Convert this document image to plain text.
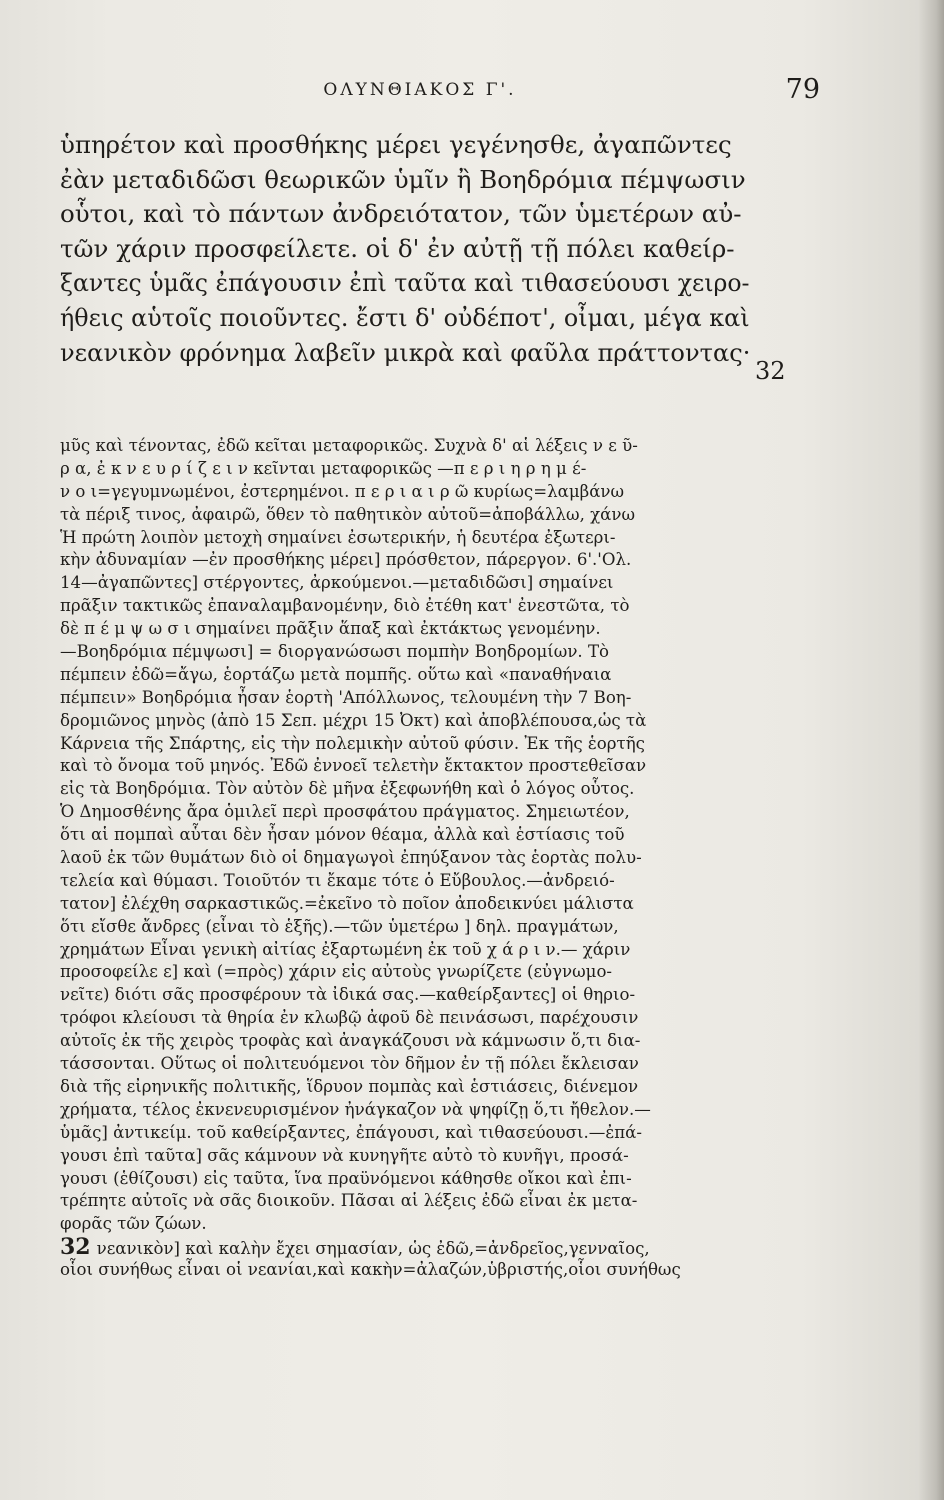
ΟΛΥΝΘΙΑΚΟΣ Γ'.	79
ὑπηρέτον καὶ προσθήκης μέρει γεγένησθε, ἀγαπῶντες
ἐὰν μεταδιδῶσι θεωρικῶν ὑμῖν ἢ Βοηδρόμια πέμψωσιν
οὗτοι, καὶ τὸ πάντων ἀνδρειότατον, τῶν ὑμετέρων αὐ-
τῶν χάριν προσφείλετε. οἱ δ' ἐν αὐτῇ τῇ πόλει καθείρ-
ξαντες ὑμᾶς ἐπάγουσιν ἐπὶ ταῦτα καὶ τιθασεύουσι χειρο-
ήθεις αὑτοῖς ποιοῦντες. ἔστι δ' οὐδέποτ', οἶμαι, μέγα καὶ
νεανικὸν φρόνημα λαβεῖν μικρὰ καὶ φαῦλα πράττοντας·
32
μῦς καὶ τένοντας, ἐδῶ κεῖται μεταφορικῶς. Συχνὰ δ' αἱ λέξεις ν ε ῦ-
ρ α, ἐ κ ν ε υ ρ ί ζ ε ι ν κεῖνται μεταφορικῶς —π ε ρ ι η ρ η μ έ-
ν ο ι=γεγυμνωμένοι, ἐστερημένοι. π ε ρ ι α ι ρ ῶ κυρίως=λαμβάνω
τὰ πέριξ τινος, ἀφαιρῶ, ὅθεν τὸ παθητικὸν αὐτοῦ=ἀποβάλλω, χάνω
Ἡ πρώτη λοιπὸν μετοχὴ σημαίνει ἐσωτερικήν, ἡ δευτέρα ἐξωτερι-
κὴν ἀδυναμίαν —ἐν προσθήκης μέρει] πρόσθετον, πάρεργον. 6'.'Ολ.
14—ἀγαπῶντες] στέργοντες, ἀρκούμενοι.—μεταδιδῶσι] σημαίνει
πρᾶξιν τακτικῶς ἐπαναλαμβανομένην, διὸ ἐτέθη κατ' ἐνεστῶτα, τὸ
δὲ π έ μ ψ ω σ ι σημαίνει πρᾶξιν ἅπαξ καὶ ἐκτάκτως γενομένην.
—Βοηδρόμια πέμψωσι] = διοργανώσωσι πομπὴν Βοηδρομίων. Τὸ
πέμπειν ἐδῶ=ἄγω, ἑορτάζω μετὰ πομπῆς. οὕτω καὶ «παναθήναια
πέμπειν» Βοηδρόμια ἦσαν ἑορτὴ 'Απόλλωνος, τελουμένη τὴν 7 Βοη-
δρομιῶνος μηνὸς (ἀπὸ 15 Σεπ. μέχρι 15 Ὀκτ) καὶ ἀποβλέπουσα,ὡς τὰ
Κάρνεια τῆς Σπάρτης, εἰς τὴν πολεμικὴν αὐτοῦ φύσιν. Ἐκ τῆς ἑορτῆς
καὶ τὸ ὄνομα τοῦ μηνός. Ἐδῶ ἐννοεῖ τελετὴν ἔκτακτον προστεθεῖσαν
εἰς τὰ Βοηδρόμια. Τὸν αὐτὸν δὲ μῆνα ἐξεφωνήθη καὶ ὁ λόγος οὗτος.
Ὁ Δημοσθένης ἄρα ὁμιλεῖ περὶ προσφάτου πράγματος. Σημειωτέον,
ὅτι αἱ πομπαὶ αὗται δὲν ἦσαν μόνον θέαμα, ἀλλὰ καὶ ἑστίασις τοῦ
λαοῦ ἐκ τῶν θυμάτων διὸ οἱ δημαγωγοὶ ἐπηύξανον τὰς ἑορτὰς πολυ-
τελεία καὶ θύμασι. Τοιοῦτόν τι ἔκαμε τότε ὁ Εὔβουλος.—ἀνδρειό-
τατον] ἐλέχθη σαρκαστικῶς.=ἐκεῖνο τὸ ποῖον ἀποδεικνύει μάλιστα
ὅτι εἴσθε ἄνδρες (εἶναι τὸ ἑξῆς).—τῶν ὑμετέρω ] δηλ. πραγμάτων,
χρημάτων Εἶναι γενικὴ αἰτίας ἐξαρτωμένη ἐκ τοῦ χ ά ρ ι ν.— χάριν
προσοφείλε ε] καὶ (=πρὸς) χάριν εἰς αὐτοὺς γνωρίζετε (εὐγνωμο-
νεῖτε) διότι σᾶς προσφέρουν τὰ ἰδικά σας.—καθείρξαντες] οἱ θηριο-
τρόφοι κλείουσι τὰ θηρία ἐν κλωβῷ ἀφοῦ δὲ πεινάσωσι, παρέχουσιν
αὐτοῖς ἐκ τῆς χειρὸς τροφὰς καὶ ἀναγκάζουσι νὰ κάμνωσιν ὅ,τι δια-
τάσσονται. Οὕτως οἱ πολιτευόμενοι τὸν δῆμον ἐν τῇ πόλει ἔκλεισαν
διὰ τῆς εἰρηνικῆς πολιτικῆς, ἵδρυον πομπὰς καὶ ἑστιάσεις, διένεμον
χρήματα, τέλος ἐκνενευρισμένον ἠνάγκαζον νὰ ψηφίζῃ ὅ,τι ἤθελον.—
ὑμᾶς] ἀντικείμ. τοῦ καθείρξαντες, ἐπάγουσι, καὶ τιθασεύουσι.—ἐπά-
γουσι ἐπὶ ταῦτα] σᾶς κάμνουν νὰ κυνηγῆτε αὐτὸ τὸ κυνῆγι, προσά-
γουσι (ἑθίζουσι) εἰς ταῦτα, ἵνα πραϋνόμενοι κάθησθε οἴκοι καὶ ἐπι-
τρέπητε αὐτοῖς νὰ σᾶς διοικοῦν. Πᾶσαι αἱ λέξεις ἐδῶ εἶναι ἐκ μετα-
φορᾶς τῶν ζώων.
32 νεανικὸν] καὶ καλὴν ἔχει σημασίαν, ὡς ἐδῶ,=ἀνδρεῖος,γενναῖος,
οἷοι συνήθως εἶναι οἱ νεανίαι,καὶ κακὴν=ἀλαζών,ὑβριστής,οἷοι συνήθως
